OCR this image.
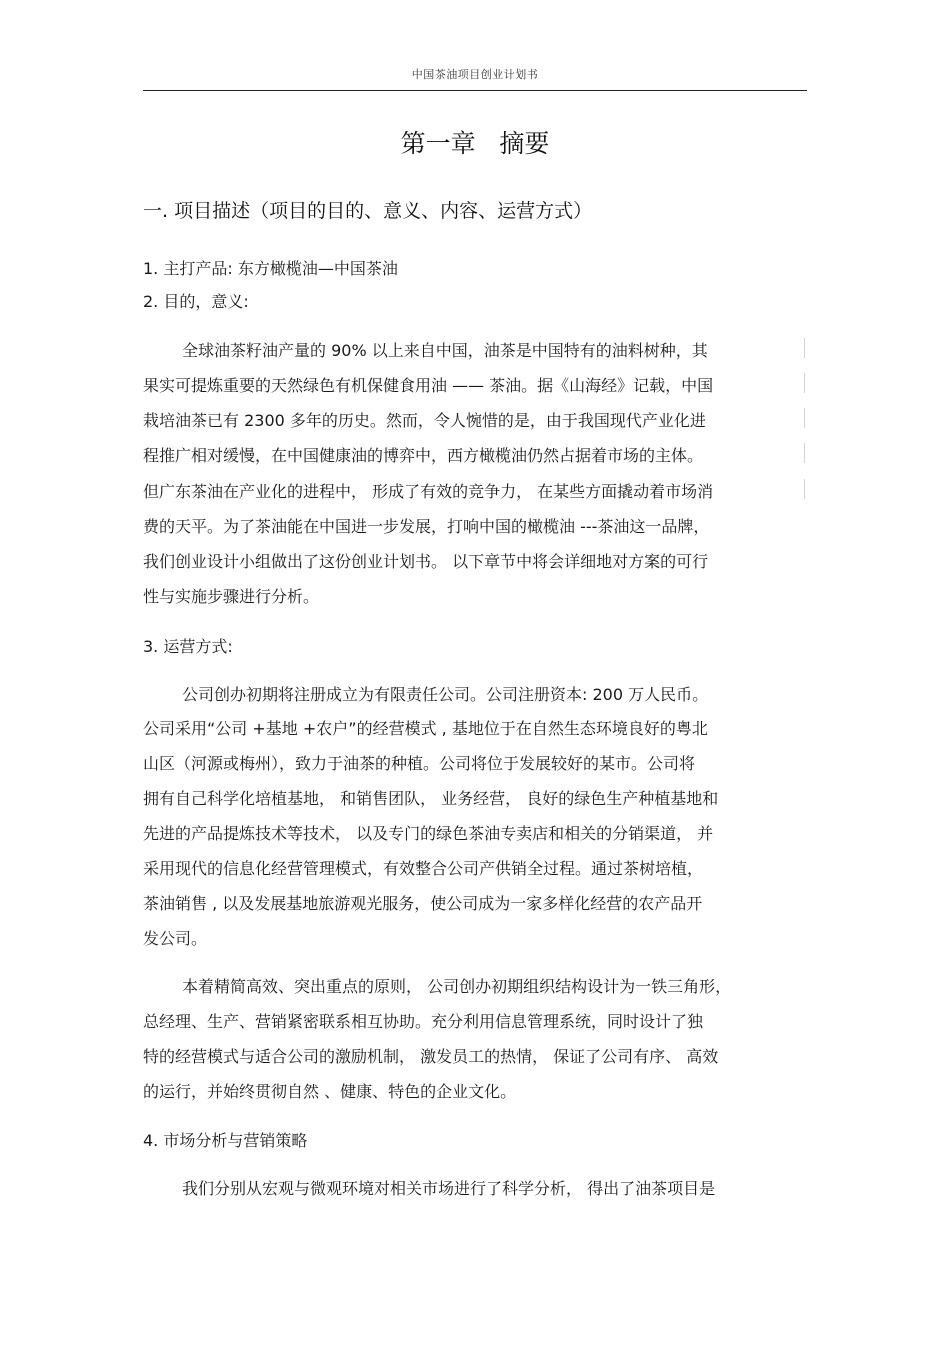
中国茶油项目创业计划书
第一章   摘要
一. 项目描述（项目的目的、意义、内容、运营方式）
1. 主打产品: 东方橄榄油—中国茶油
2. 目的，意义:
全球油茶籽油产量的 90% 以上来自中国，油茶是中国特有的油料树种，其
果实可提炼重要的天然绿色有机保健食用油 —— 茶油。据《山海经》记载，中国
栽培油茶已有 2300 多年的历史。然而，令人惋惜的是，由于我国现代产业化进
程推广相对缓慢，在中国健康油的博弈中，西方橄榄油仍然占据着市场的主体。
但广东茶油在产业化的进程中， 形成了有效的竞争力， 在某些方面撬动着市场消
费的天平。为了茶油能在中国进一步发展，打响中国的橄榄油 ---茶油这一品牌，
我们创业设计小组做出了这份创业计划书。 以下章节中将会详细地对方案的可行
性与实施步骤进行分析。
3. 运营方式:
公司创办初期将注册成立为有限责任公司。公司注册资本: 200 万人民币。
公司采用“公司 +基地 +农户”的经营模式 , 基地位于在自然生态环境良好的粤北
山区（河源或梅州），致力于油茶的种植。公司将位于发展较好的某市。公司将
拥有自己科学化培植基地， 和销售团队， 业务经营， 良好的绿色生产种植基地和
先进的产品提炼技术等技术， 以及专门的绿色茶油专卖店和相关的分销渠道， 并
采用现代的信息化经营管理模式，有效整合公司产供销全过程。通过茶树培植，
茶油销售 , 以及发展基地旅游观光服务，使公司成为一家多样化经营的农产品开
发公司。
本着精简高效、突出重点的原则， 公司创办初期组织结构设计为一铁三角形，
总经理、生产、营销紧密联系相互协助。充分利用信息管理系统，同时设计了独
特的经营模式与适合公司的激励机制， 激发员工的热情， 保证了公司有序、 高效
的运行，并始终贯彻自然 、健康、特色的企业文化。
4. 市场分析与营销策略
我们分别从宏观与微观环境对相关市场进行了科学分析， 得出了油茶项目是
